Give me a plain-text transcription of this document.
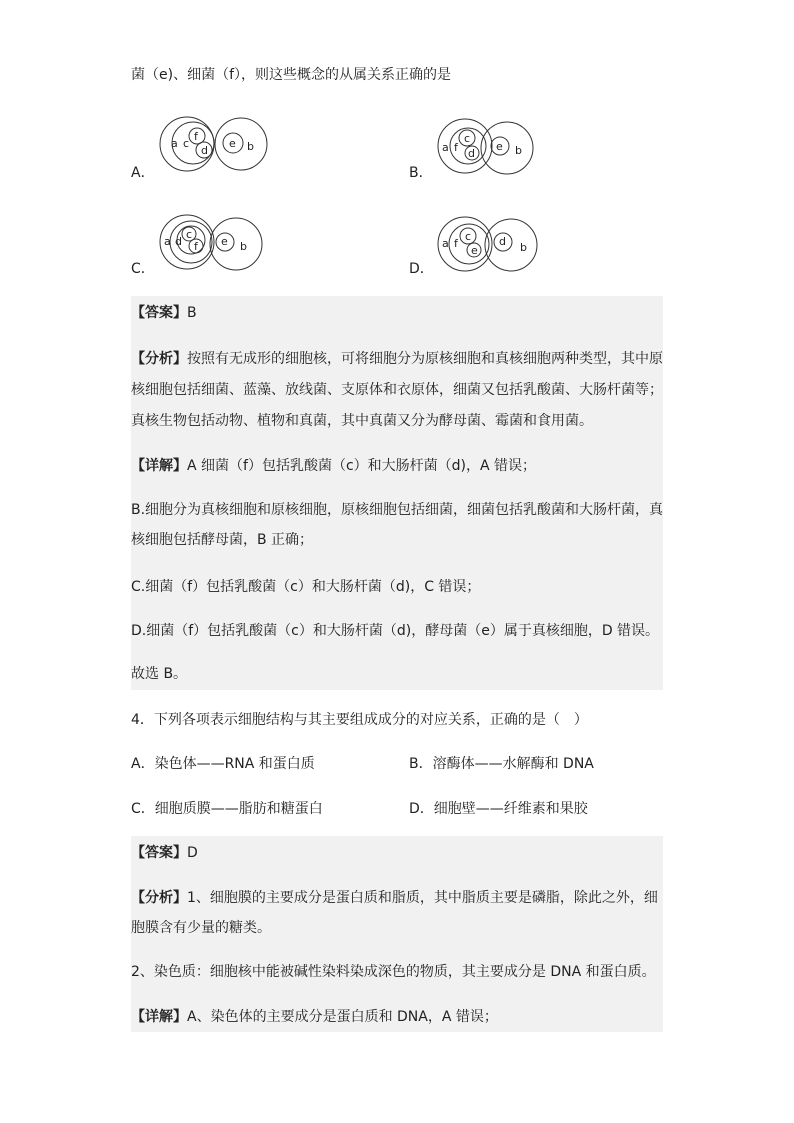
菌（e)、细菌（f），则这些概念的从属关系正确的是
A．
a c
f
d
e b
B．
a f
c
d
e b
C．
a d
c
f e b
D．
a f
c
e
d b
【答案】B
【分析】按照有无成形的细胞核，可将细胞分为原核细胞和真核细胞两种类型，其中原
核细胞包括细菌、蓝藻、放线菌、支原体和衣原体，细菌又包括乳酸菌、大肠杆菌等；
真核生物包括动物、植物和真菌，其中真菌又分为酵母菌、霉菌和食用菌。
【详解】A 细菌（f）包括乳酸菌（c）和大肠杆菌（d)，A 错误；
B.细胞分为真核细胞和原核细胞，原核细胞包括细菌，细菌包括乳酸菌和大肠杆菌，真
核细胞包括酵母菌，B 正确；
C.细菌（f）包括乳酸菌（c）和大肠杆菌（d)，C 错误；
D.细菌（f）包括乳酸菌（c）和大肠杆菌（d)，酵母菌（e）属于真核细胞，D 错误。
故选 B。
4．下列各项表示细胞结构与其主要组成成分的对应关系，正确的是（　）
A．染色体——RNA 和蛋白质	B．溶酶体——水解酶和 DNA
C．细胞质膜——脂肪和糖蛋白	D．细胞壁——纤维素和果胶
【答案】D
【分析】1、细胞膜的主要成分是蛋白质和脂质，其中脂质主要是磷脂，除此之外，细
胞膜含有少量的糖类。
2、染色质：细胞核中能被碱性染料染成深色的物质，其主要成分是 DNA 和蛋白质。
【详解】A、染色体的主要成分是蛋白质和 DNA，A 错误；
